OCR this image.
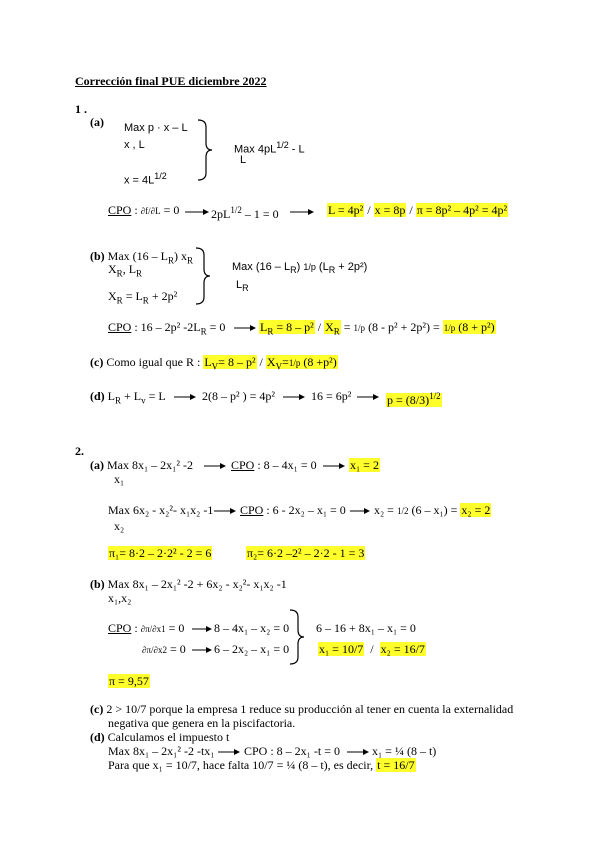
Corrección final PUE diciembre 2022
1 .
(a) Max p · x – L
x , L
$x = 4L^{1/2}$
Max $4pL^{1/2}$ - L
L
CPO : ∂f/∂L = 0	$2pL^{1/2} - 1 = 0$	L = 4p² / x = 8p / π = 8p² – 4p² = 4p²
(b) Max $(16 - L_R)$ $x_R$
$X_R$, $L_R$
$X_R = L_R + 2p^2$
Max $(16 - L_R)$ 1/p $(L_R + 2p^2)$
$L_R$
CPO : 16 – 2p² $-2L_R = 0$	$L_R = 8 - p^2 / X_R = 1/p$ (8 - p² + 2p²) = 1/p (8 + p²)
(c) Como igual que R : $L_V= 8 - p^2 / X_V=1/p$ (8 +p²)
(d) $L_R + L_v = L$	2(8 – p² ) = 4p²	16 = 6p²	$p = (8/3)^{1/2}$
2.
(a) Max 8x₁ – 2x₁² -2
x₁
CPO : 8 – 4x₁ = 0	x₁ = 2
Max 6x₂ - x₂²- x₁x₂ -1
x₂
CPO : 6 - 2x₂ – x₁ = 0 x₂ = 1/2 (6 – x₁) = x₂ = 2
π₁= 8·2 – 2·2² - 2 = 6	π₂= 6·2 –2² – 2·2 - 1 = 3
(b) Max 8x₁ – 2x₁² -2 + 6x₂ - x₂²- x₁x₂ -1
x₁,x₂
CPO : ∂π/∂x1 = 0 8 – 4x₁ – x₂ = 0
∂π/∂x2 = 0 6 – 2x₂ – x₁ = 0
6 – 16 + 8x₁ – x₁ = 0
x₁ = 10/7 / x₂ = 16/7
π = 9,57
(c) 2 > 10/7 porque la empresa 1 reduce su producción al tener en cuenta la externalidad
negativa que genera en la piscifactoria.
(d) Calculamos el impuesto t
Max 8x₁ – 2x₁² -2 -tx₁ CPO : 8 – 2x₁ -t = 0	x₁ = ¼ (8 – t)
Para que x₁ = 10/7, hace falta 10/7 = ¼ (8 – t), es decir, t = 16/7
